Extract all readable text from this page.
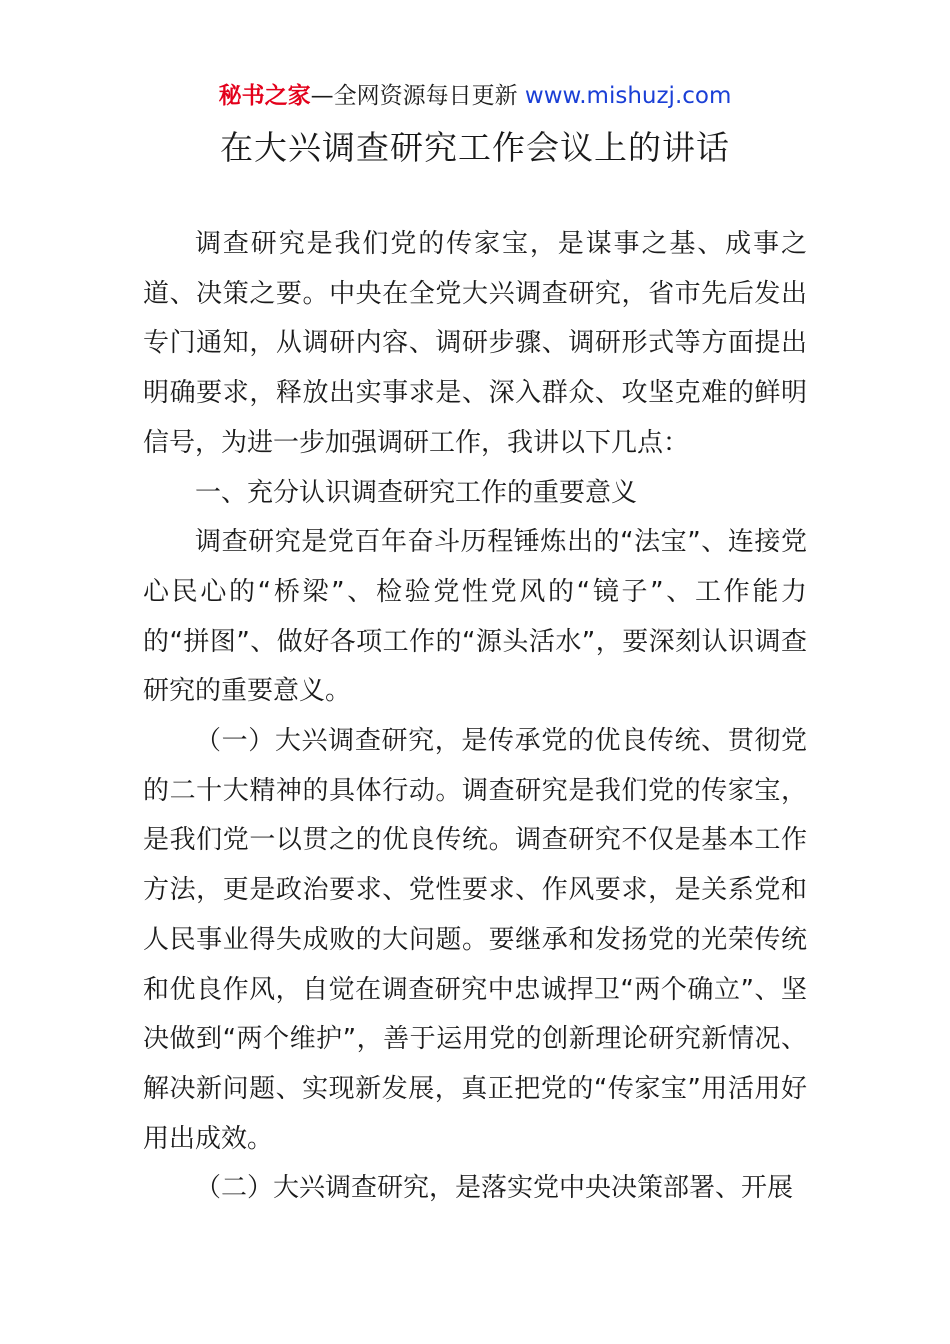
秘书之家—全网资源每日更新 www.mishuzj.com
在大兴调查研究工作会议上的讲话

调查研究是我们党的传家宝，是谋事之基、成事之道、决策之要。中央在全党大兴调查研究，省市先后发出专门通知，从调研内容、调研步骤、调研形式等方面提出明确要求，释放出实事求是、深入群众、攻坚克难的鲜明信号，为进一步加强调研工作，我讲以下几点：

一、充分认识调查研究工作的重要意义

调查研究是党百年奋斗历程锤炼出的“法宝”、连接党心民心的“桥梁”、检验党性党风的“镜子”、工作能力的“拼图”、做好各项工作的“源头活水”，要深刻认识调查研究的重要意义。

（一）大兴调查研究，是传承党的优良传统、贯彻党的二十大精神的具体行动。调查研究是我们党的传家宝，是我们党一以贯之的优良传统。调查研究不仅是基本工作方法，更是政治要求、党性要求、作风要求，是关系党和人民事业得失成败的大问题。要继承和发扬党的光荣传统和优良作风，自觉在调查研究中忠诚捍卫“两个确立”、坚决做到“两个维护”，善于运用党的创新理论研究新情况、解决新问题、实现新发展，真正把党的“传家宝”用活用好用出成效。

（二）大兴调查研究，是落实党中央决策部署、开展
